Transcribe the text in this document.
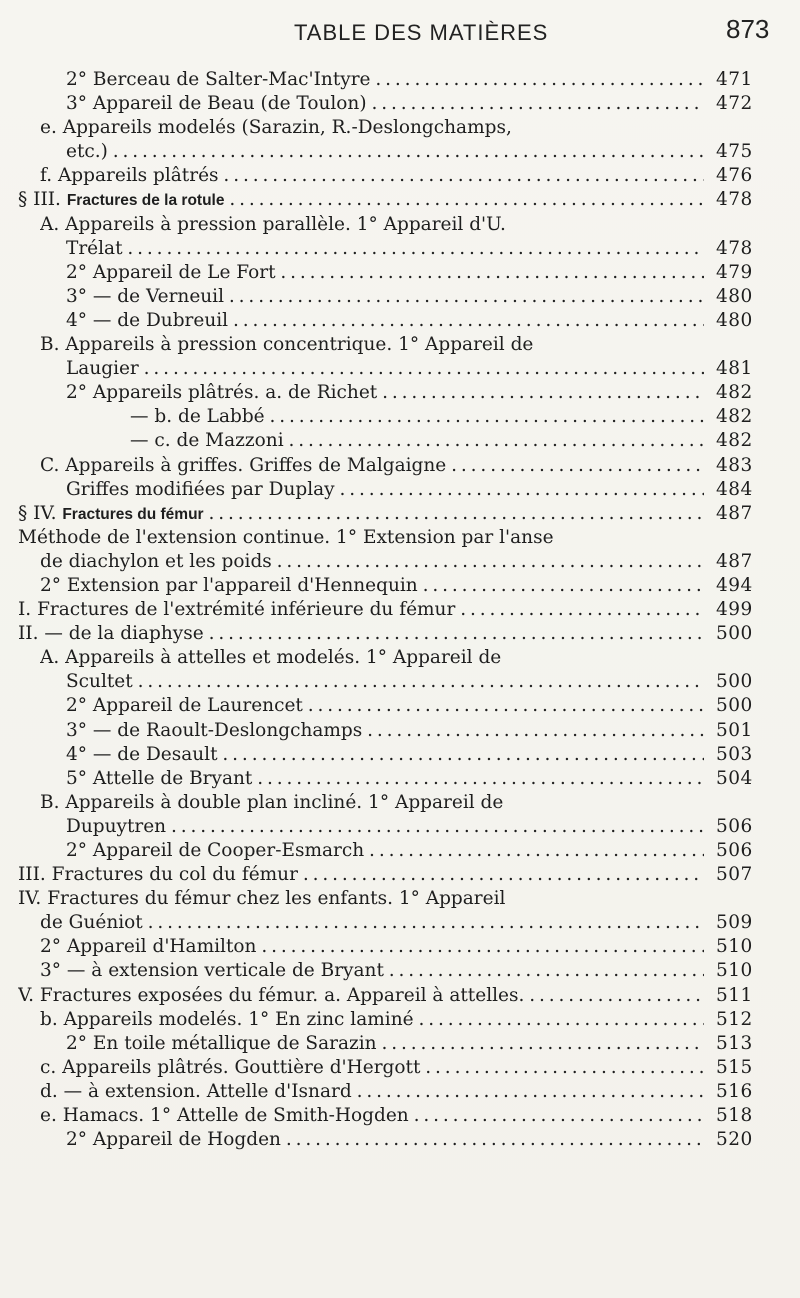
TABLE DES MATIÈRES	873
2° Berceau de Salter-Mac'Intyre . . .	471
3° Appareil de Beau (de Toulon) . . .	472
e. Appareils modelés (Sarazin, R.-Deslongchamps,
etc.) . . .	475
f. Appareils plâtrés . . .	476
§ III. Fractures de la rotule . . .	478
A. Appareils à pression parallèle. 1° Appareil d'U.
Trélat . . .	478
2° Appareil de Le Fort . . .	479
3° — de Verneuil . . .	480
4° — de Dubreuil . . .	480
B. Appareils à pression concentrique. 1° Appareil de
Laugier . . .	481
2° Appareils plâtrés. a. de Richet . . .	482
— b. de Labbé . . .	482
— c. de Mazzoni . . .	482
C. Appareils à griffes. Griffes de Malgaigne . . .	483
Griffes modifiées par Duplay . . .	484
§ IV. Fractures du fémur . . .	487
Méthode de l'extension continue. 1° Extension par l'anse
de diachylon et les poids . . .	487
2° Extension par l'appareil d'Hennequin . . .	494
I. Fractures de l'extrémité inférieure du fémur . . .	499
II. — de la diaphyse . . .	500
A. Appareils à attelles et modelés. 1° Appareil de
Scultet . . .	500
2° Appareil de Laurencet . . .	500
3° — de Raoult-Deslongchamps . . .	501
4° — de Desault . . .	503
5° Attelle de Bryant . . .	504
B. Appareils à double plan incliné. 1° Appareil de
Dupuytren . . .	506
2° Appareil de Cooper-Esmarch . . .	506
III. Fractures du col du fémur . . .	507
IV. Fractures du fémur chez les enfants. 1° Appareil
de Guéniot . . .	509
2° Appareil d'Hamilton . . .	510
3° — à extension verticale de Bryant . . .	510
V. Fractures exposées du fémur. a. Appareil à attelles. . . .	511
b. Appareils modelés. 1° En zinc laminé . . .	512
2° En toile métallique de Sarazin . . .	513
c. Appareils plâtrés. Gouttière d'Hergott . . .	515
d. — à extension. Attelle d'Isnard . . .	516
e. Hamacs. 1° Attelle de Smith-Hogden . . .	518
2° Appareil de Hogden . . .	520
